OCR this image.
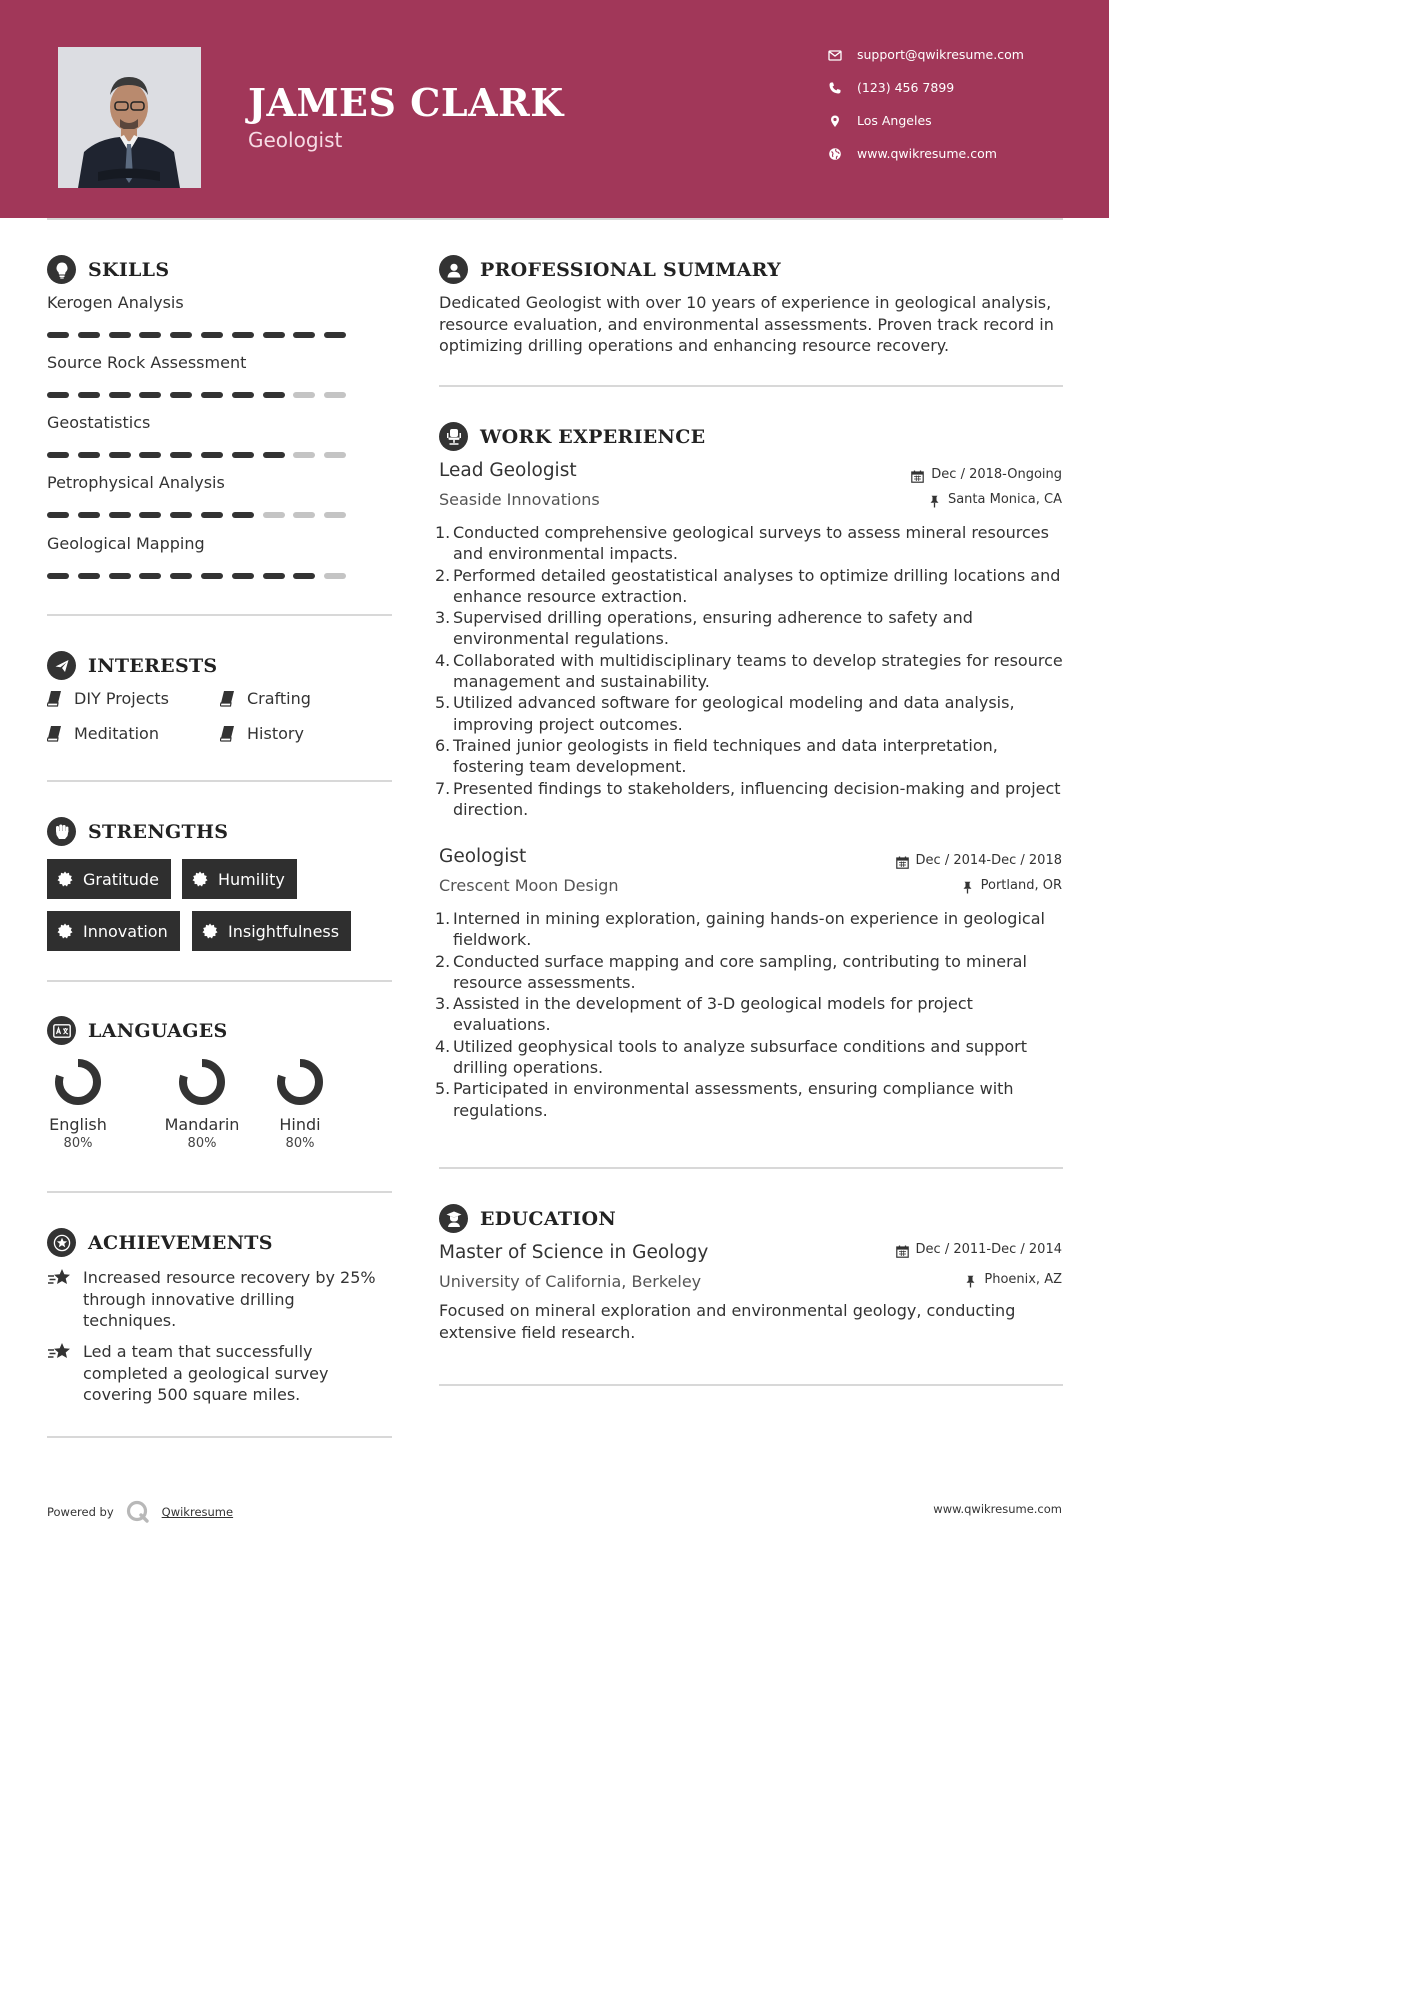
JAMES CLARK
Geologist
support@qwikresume.com
(123) 456 7899
Los Angeles
www.qwikresume.com
SKILLS
Kerogen Analysis
Source Rock Assessment
Geostatistics
Petrophysical Analysis
Geological Mapping
INTERESTS
DIY Projects	Crafting
Meditation	History
STRENGTHS
Gratitude	Humility
Innovation	Insightfulness
LANGUAGES
English
80%
Mandarin
80%
Hindi
80%
ACHIEVEMENTS
Increased resource recovery by 25% through innovative drilling techniques.
Led a team that successfully completed a geological survey covering 500 square miles.
PROFESSIONAL SUMMARY
Dedicated Geologist with over 10 years of experience in geological analysis, resource evaluation, and environmental assessments. Proven track record in optimizing drilling operations and enhancing resource recovery.
WORK EXPERIENCE
Lead Geologist	Dec / 2018-Ongoing
Seaside Innovations	Santa Monica, CA
1. Conducted comprehensive geological surveys to assess mineral resources and environmental impacts.
2. Performed detailed geostatistical analyses to optimize drilling locations and enhance resource extraction.
3. Supervised drilling operations, ensuring adherence to safety and environmental regulations.
4. Collaborated with multidisciplinary teams to develop strategies for resource management and sustainability.
5. Utilized advanced software for geological modeling and data analysis, improving project outcomes.
6. Trained junior geologists in field techniques and data interpretation, fostering team development.
7. Presented findings to stakeholders, influencing decision-making and project direction.
Geologist	Dec / 2014-Dec / 2018
Crescent Moon Design	Portland, OR
1. Interned in mining exploration, gaining hands-on experience in geological fieldwork.
2. Conducted surface mapping and core sampling, contributing to mineral resource assessments.
3. Assisted in the development of 3-D geological models for project evaluations.
4. Utilized geophysical tools to analyze subsurface conditions and support drilling operations.
5. Participated in environmental assessments, ensuring compliance with regulations.
EDUCATION
Master of Science in Geology	Dec / 2011-Dec / 2014
University of California, Berkeley	Phoenix, AZ
Focused on mineral exploration and environmental geology, conducting extensive field research.
Powered by	Qwikresume	www.qwikresume.com
